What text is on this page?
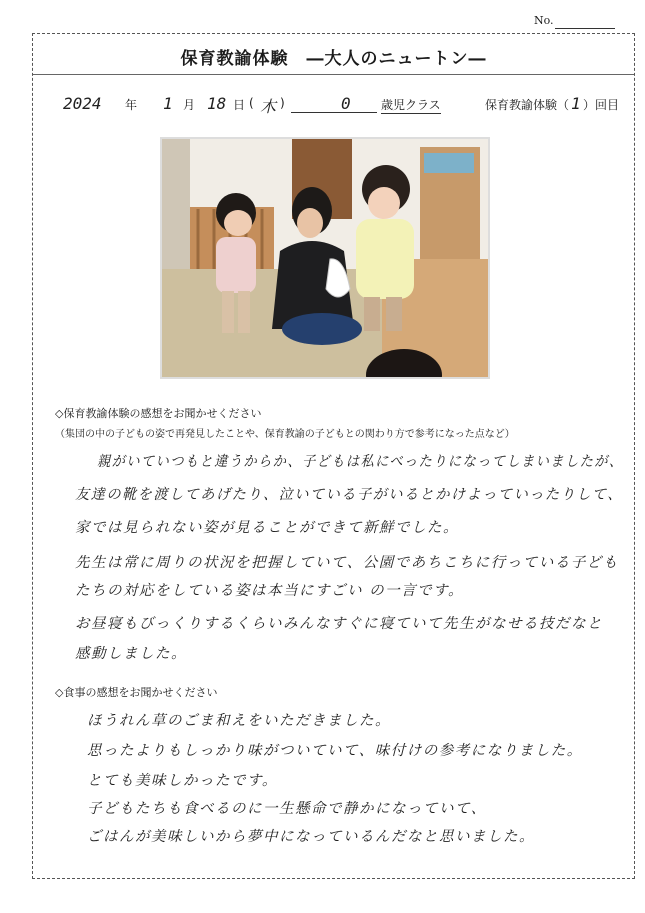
No.
保育教諭体験　―大人のニュートン―
2024 年 1 月 18 日 ( 木 )	0	歳児クラス	保育教諭体験（ 1 ）回目
◇保育教諭体験の感想をお聞かせください
（集団の中の子どもの姿で再発見したことや、保育教諭の子どもとの関わり方で参考になった点など）
親がいていつもと違うからか、子どもは私にべったりになってしまいましたが、
友達の靴を渡してあげたり、泣いている子がいるとかけよっていったりして、
家では見られない姿が見ることができて新鮮でした。
先生は常に周りの状況を把握していて、公園であちこちに行っている子ども
たちの対応をしている姿は本当にすごい の一言です。
お昼寝もびっくりするくらいみんなすぐに寝ていて先生がなせる技だなと
感動しました。
◇食事の感想をお聞かせください
ほうれん草のごま和えをいただきました。
思ったよりもしっかり味がついていて、味付けの参考になりました。
とても美味しかったです。
子どもたちも食べるのに一生懸命で静かになっていて、
ごはんが美味しいから夢中になっているんだなと思いました。
